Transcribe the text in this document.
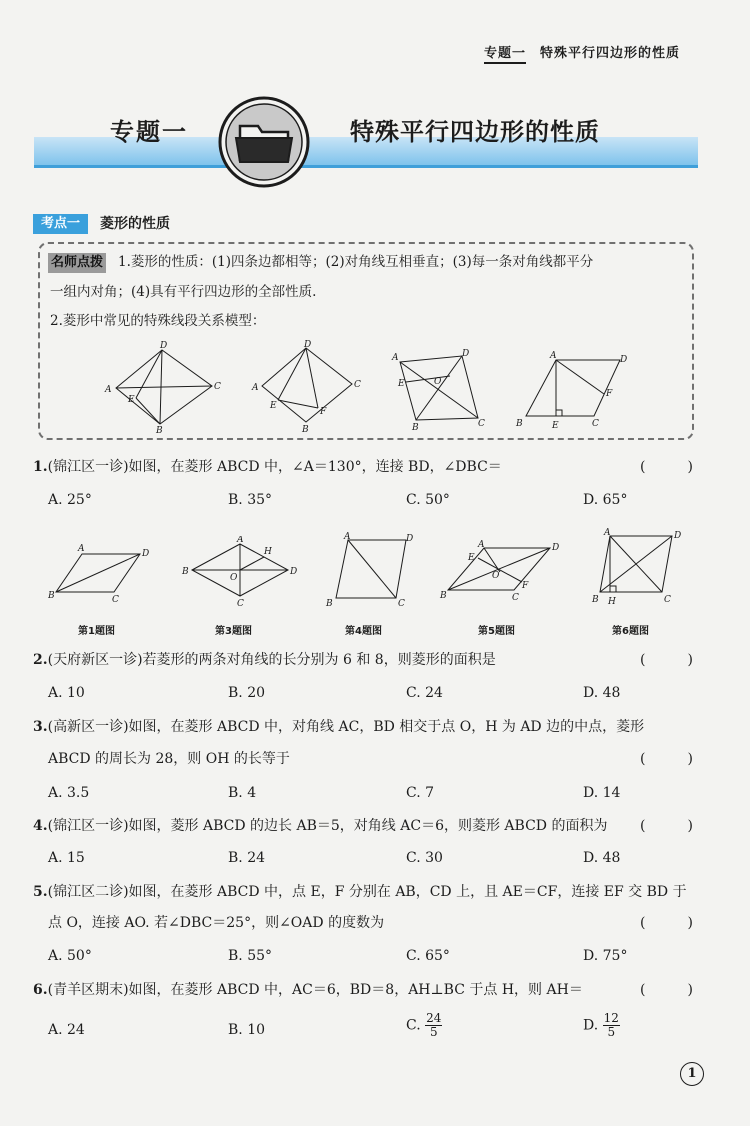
专题一 特殊平行四边形的性质
专题一	特殊平行四边形的性质
考点一	菱形的性质
名师点拨 1.菱形的性质：(1)四条边都相等；(2)对角线互相垂直；(3)每一条对角线都平分
一组内对角；(4)具有平行四边形的全部性质.
2.菱形中常见的特殊线段关系模型：
A
D
C
B
E
A
D
C
B
E
F
A	D
C
B
E	O
A	D
C
B	E
F
1.(锦江区一诊)如图，在菱形 ABCD 中，∠A＝130°，连接 BD，∠DBC＝	(　　　)
A. 25°	B. 35°	C. 50°	D. 65°
A	D
C
B
B
A
D
C
H
O
A	D
C
B
A	D
C
B
E
F
O
A	D
C
B H
第1题图	第3题图	第4题图	第5题图	第6题图
2.(天府新区一诊)若菱形的两条对角线的长分别为 6 和 8，则菱形的面积是	(　　　)
A. 10	B. 20	C. 24	D. 48
3.(高新区一诊)如图，在菱形 ABCD 中，对角线 AC，BD 相交于点 O，H 为 AD 边的中点，菱形
ABCD 的周长为 28，则 OH 的长等于	(　　　)
A. 3.5	B. 4	C. 7	D. 14
4.(锦江区一诊)如图，菱形 ABCD 的边长 AB＝5，对角线 AC＝6，则菱形 ABCD 的面积为 (　　　)
A. 15	B. 24	C. 30	D. 48
5.(锦江区二诊)如图，在菱形 ABCD 中，点 E，F 分别在 AB，CD 上，且 AE＝CF，连接 EF 交 BD 于
点 O，连接 AO. 若∠DBC＝25°，则∠OAD 的度数为	(　　　)
A. 50°	B. 55°	C. 65°	D. 75°
6.(青羊区期末)如图，在菱形 ABCD 中，AC＝6，BD＝8，AH⊥BC 于点 H，则 AH＝	(　　　)
A. 24	B. 10	C. $\frac{24}{5}$	D. $\frac{12}{5}$
1
